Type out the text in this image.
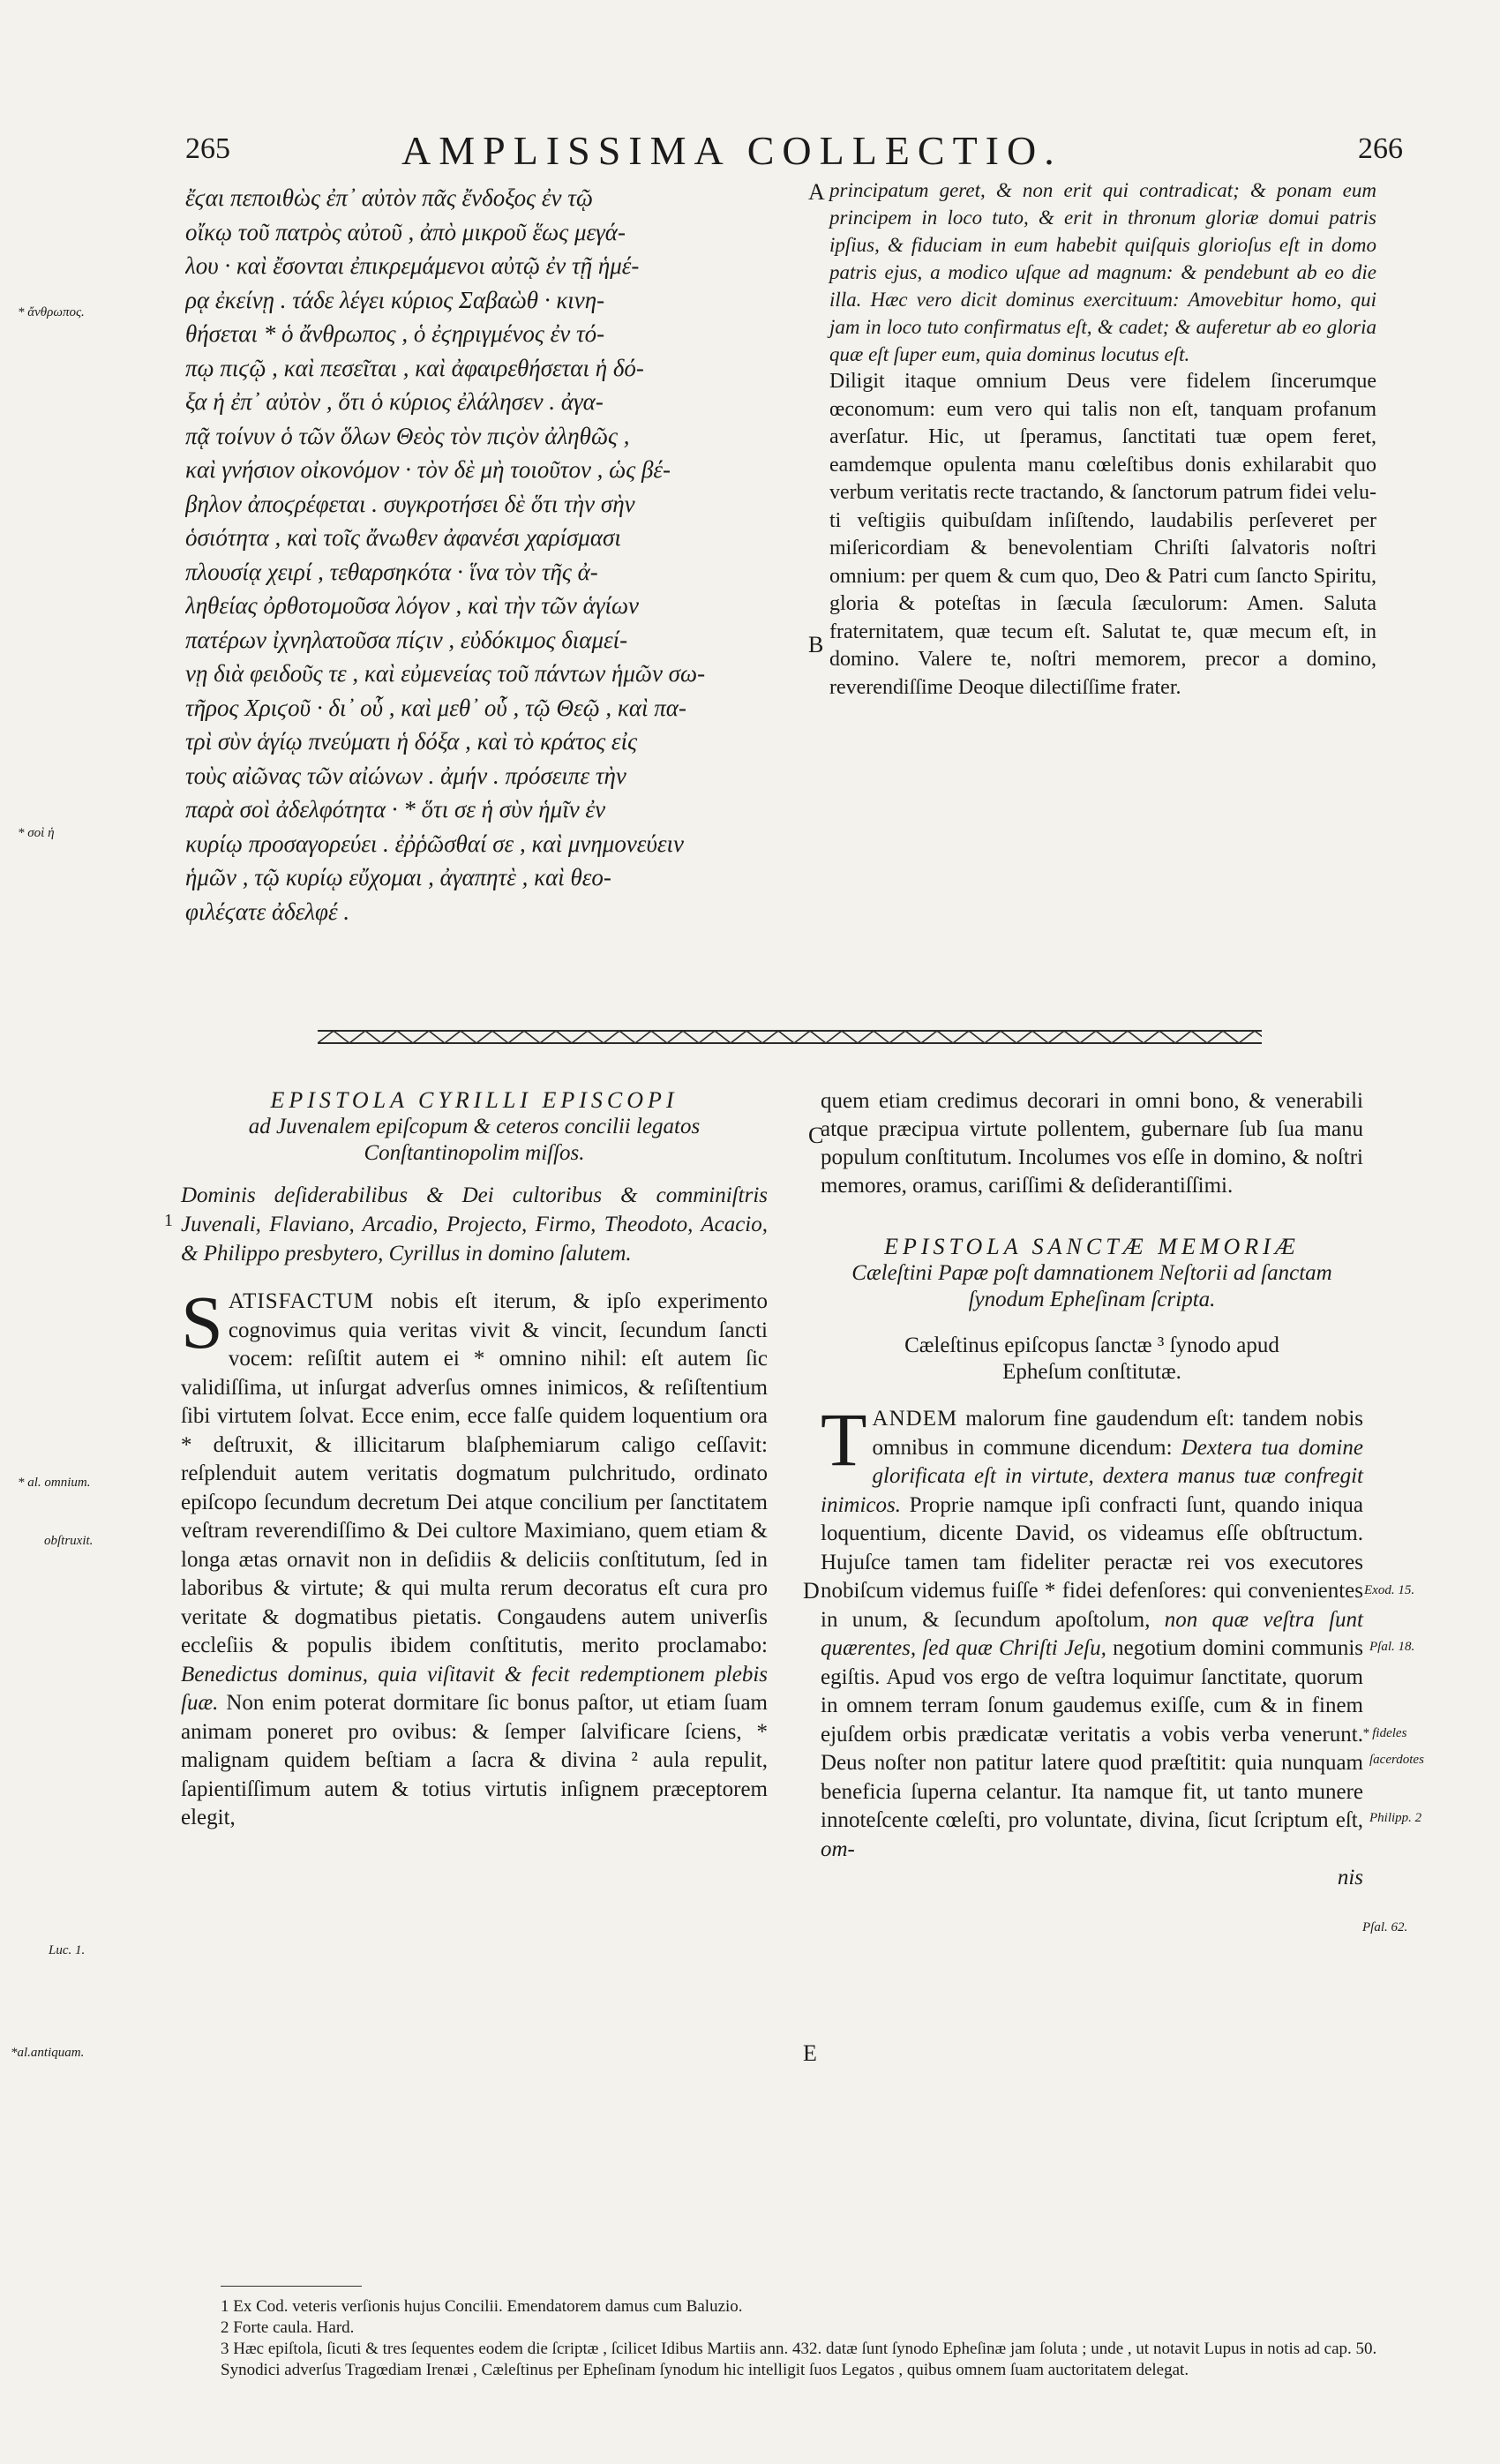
265	AMPLISSIMA COLLECTIO.	266
ἔϛαι πεποιθὼς ἐπ᾽ αὐτὸν πᾶς ἔνδοξος ἐν τῷ
οἴκῳ τοῦ πατρὸς αὐτοῦ , ἀπὸ μικροῦ ἕως μεγά-
λου · καὶ ἔσονται ἐπικρεμάμενοι αὐτῷ ἐν τῇ ἡμέ-
ρᾳ ἐκείνῃ . τάδε λέγει κύριος Σαβαὼθ · κινη-
θήσεται * ὁ ἄνθρωπος , ὁ ἐϛηριγμένος ἐν τό-
πῳ πιϛῷ , καὶ πεσεῖται , καὶ ἀφαιρεθήσεται ἡ δό-
ξα ἡ ἐπ᾽ αὐτὸν , ὅτι ὁ κύριος ἐλάλησεν . ἀγα-
πᾷ τοίνυν ὁ τῶν ὅλων Θεὸς τὸν πιϛὸν ἀληθῶς ,
καὶ γνήσιον οἰκονόμον · τὸν δὲ μὴ τοιοῦτον , ὡς βέ-
βηλον ἀποϛρέφεται . συγκροτήσει δὲ ὅτι τὴν σὴν
ὁσιότητα , καὶ τοῖς ἄνωθεν ἀφανέσι χαρίσμασι
πλουσίᾳ χειρί , τεθαρσηκότα · ἵνα τὸν τῆς ἀ-
ληθείας ὀρθοτομοῦσα λόγον , καὶ τὴν τῶν ἁγίων
πατέρων ἰχνηλατοῦσα πίϛιν , εὐδόκιμος διαμεί-
νῃ διὰ φειδοῦς τε , καὶ εὐμενείας τοῦ πάντων ἡμῶν σω-
τῆρος Χριϛοῦ · δι᾽ οὗ , καὶ μεθ᾽ οὗ , τῷ Θεῷ , καὶ πα-
τρὶ σὺν ἁγίῳ πνεύματι ἡ δόξα , καὶ τὸ κράτος εἰς
τοὺς αἰῶνας τῶν αἰώνων . ἀμήν . πρόσειπε τὴν
παρὰ σοὶ ἀδελφότητα · * ὅτι σε ἡ σὺν ἡμῖν ἐν
κυρίῳ προσαγορεύει . ἐῤῥῶσθαί σε , καὶ μνημονεύειν
ἡμῶν , τῷ κυρίῳ εὔχομαι , ἀγαπητὲ , καὶ θεο-
φιλέϛατε ἀδελφέ .

principatum geret, & non erit qui contradicat; & ponam eum principem in loco tuto, & erit in thronum gloriæ domui patris ipſius, & fiduciam in eum habebit quiſquis glorioſus eſt in domo patris ejus, a modico uſque ad magnum: & pendebunt ab eo die illa. Hæc vero dicit dominus exercituum: Amovebitur homo, qui jam in loco tuto confirmatus eſt, & cadet; & auferetur ab eo gloria quæ eſt ſuper eum, quia dominus locutus eſt.

Diligit itaque omnium Deus vere fidelem ſincerumque œconomum: eum vero qui talis non eſt, tanquam profanum averſatur. Hic, ut ſperamus, ſanctitati tuæ opem feret, eamdemque opulenta manu cœleſtibus donis exhilarabit quo verbum veritatis recte tractando, & ſanctorum patrum fidei veluti veſtigiis quibuſdam inſiſtendo, laudabilis perſeveret per miſericordiam & benevolentiam Chriſti ſalvatoris noſtri omnium: per quem & cum quo, Deo & Patri cum ſancto Spiritu, gloria & poteſtas in ſæcula ſæculorum: Amen. Saluta fraternitatem, quæ tecum eſt. Salutat te, quæ mecum eſt, in domino. Valere te, noſtri memorem, precor a domino, reverendiſſime Deoque dilectiſſime frater.

A
B
C
D
E
* ἄνθρωπος.
* σοὶ ἡ
* al. omnium.
obſtruxit.
Luc. 1.
*al.antiquam.
Exod. 15.
Pſal. 18.
* fideles
ſacerdotes
Philipp. 2
Pſal. 62.

EPISTOLA CYRILLI EPISCOPI

ad Juvenalem epiſcopum & ceteros concilii legatos Conſtantinopolim miſſos.

Dominis deſiderabilibus & Dei cultoribus & comminiſtris Juvenali, Flaviano, Arcadio, Projecto, Firmo, Theodoto, Acacio, & Philippo presbytero, Cyrillus in domino ſalutem.

S ATISFACTUM nobis eſt iterum, & ipſo experimento cognovimus quia veritas vivit & vincit, ſecundum ſancti vocem: reſiſtit autem ei * omnino nihil: eſt autem ſic validiſſima, ut inſurgat adverſus omnes inimicos, & reſiſtentium ſibi virtutem ſolvat. Ecce enim, ecce falſe quidem loquentium ora * deſtruxit, & illicitarum blaſphemiarum caligo ceſſavit: reſplenduit autem veritatis dogmatum pulchritudo, ordinato epiſcopo ſecundum decretum Dei atque concilium per ſanctitatem veſtram reverendiſſimo & Dei cultore Maximiano, quem etiam & longa ætas ornavit non in deſidiis & deliciis conſtitutum, ſed in laboribus & virtute; & qui multa rerum decoratus eſt cura pro veritate & dogmatibus pietatis. Congaudens autem univerſis eccleſiis & populis ibidem conſtitutis, merito proclamabo: Benedictus dominus, quia viſitavit & fecit redemptionem plebis ſuæ. Non enim poterat dormitare ſic bonus paſtor, ut etiam ſuam animam poneret pro ovibus: & ſemper ſalvificare ſciens, * malignam quidem beſtiam a ſacra & divina ² aula repulit, ſapientiſſimum autem & totius virtutis inſignem præceptorem elegit,

1

quem etiam credimus decorari in omni bono, & venerabili atque præcipua virtute pollentem, gubernare ſub ſua manu populum conſtitutum. Incolumes vos eſſe in domino, & noſtri memores, oramus, cariſſimi & deſiderantiſſimi.

EPISTOLA SANCTÆ MEMORIÆ

Cæleſtini Papæ poſt damnationem Neſtorii ad ſanctam ſynodum Epheſinam ſcripta.

Cæleſtinus epiſcopus ſanctæ ³ ſynodo apud Epheſum conſtitutæ.

T ANDEM malorum fine gaudendum eſt: tandem nobis omnibus in commune dicendum: Dextera tua domine glorificata eſt in virtute, dextera manus tuæ confregit inimicos. Proprie namque ipſi confracti ſunt, quando iniqua loquentium, dicente David, os videamus eſſe obſtructum. Hujuſce tamen tam fideliter peractæ rei vos executores nobiſcum videmus fuiſſe * fidei defenſores: qui convenientes in unum, & ſecundum apoſtolum, non quæ veſtra ſunt quærentes, ſed quæ Chriſti Jeſu, negotium domini communis egiſtis. Apud vos ergo de veſtra loquimur ſanctitate, quorum in omnem terram ſonum gaudemus exiſſe, cum & in finem ejuſdem orbis prædicatæ veritatis a vobis verba venerunt. Deus noſter non patitur latere quod præſtitit: quia nunquam beneficia ſuperna celantur. Ita namque fit, ut tanto munere innoteſcente cœleſti, pro voluntate, divina, ſicut ſcriptum eſt, om-

nis

1 Ex Cod. veteris verſionis hujus Concilii. Emendatorem damus cum Baluzio.

2 Forte caula. Hard.

3 Hæc epiſtola, ſicuti & tres ſequentes eodem die ſcriptæ , ſcilicet Idibus Martiis ann. 432. datæ ſunt ſynodo Epheſinæ jam ſoluta ; unde , ut notavit Lupus in notis ad cap. 50. Synodici adverſus Tragœdiam Irenæi , Cæleſtinus per Epheſinam ſynodum hic intelligit ſuos Legatos , quibus omnem ſuam auctoritatem delegat.
